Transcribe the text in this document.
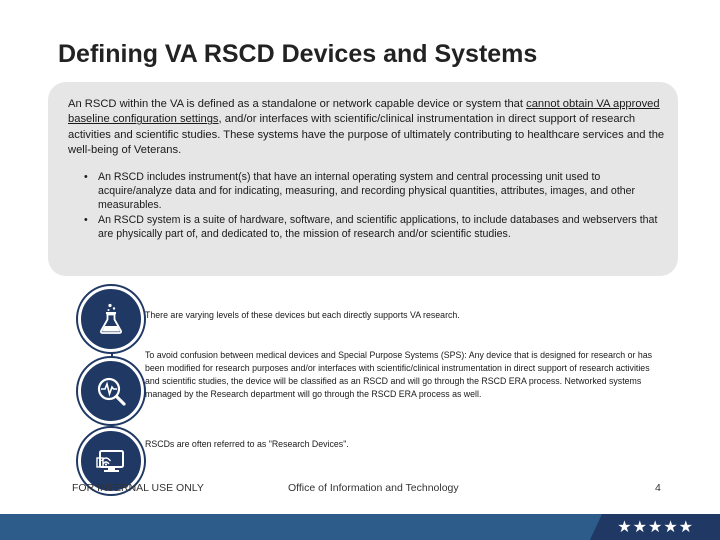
Defining VA RSCD Devices and Systems

An RSCD within the VA is defined as a standalone or network capable device or system that cannot obtain VA approved baseline configuration settings, and/or interfaces with scientific/clinical instrumentation in direct support of research activities and scientific studies. These systems have the purpose of ultimately contributing to healthcare services and the well-being of Veterans.

• An RSCD includes instrument(s) that have an internal operating system and central processing unit used to acquire/analyze data and for indicating, measuring, and recording physical quantities, attributes, images, and other measurables.
• An RSCD system is a suite of hardware, software, and scientific applications, to include databases and webservers that are physically part of, and dedicated to, the mission of research and/or scientific studies.

There are varying levels of these devices but each directly supports VA research.

To avoid confusion between medical devices and Special Purpose Systems (SPS): Any device that is designed for research or has been modified for research purposes and/or interfaces with scientific/clinical instrumentation in direct support of research activities and scientific studies, the device will be classified as an RSCD and will go through the RSCD ERA process. Networked systems managed by the Research department will go through the RSCD ERA process as well.

RSCDs are often referred to as "Research Devices".

FOR INTERNAL USE ONLY	Office of Information and Technology	4

★★★★★
